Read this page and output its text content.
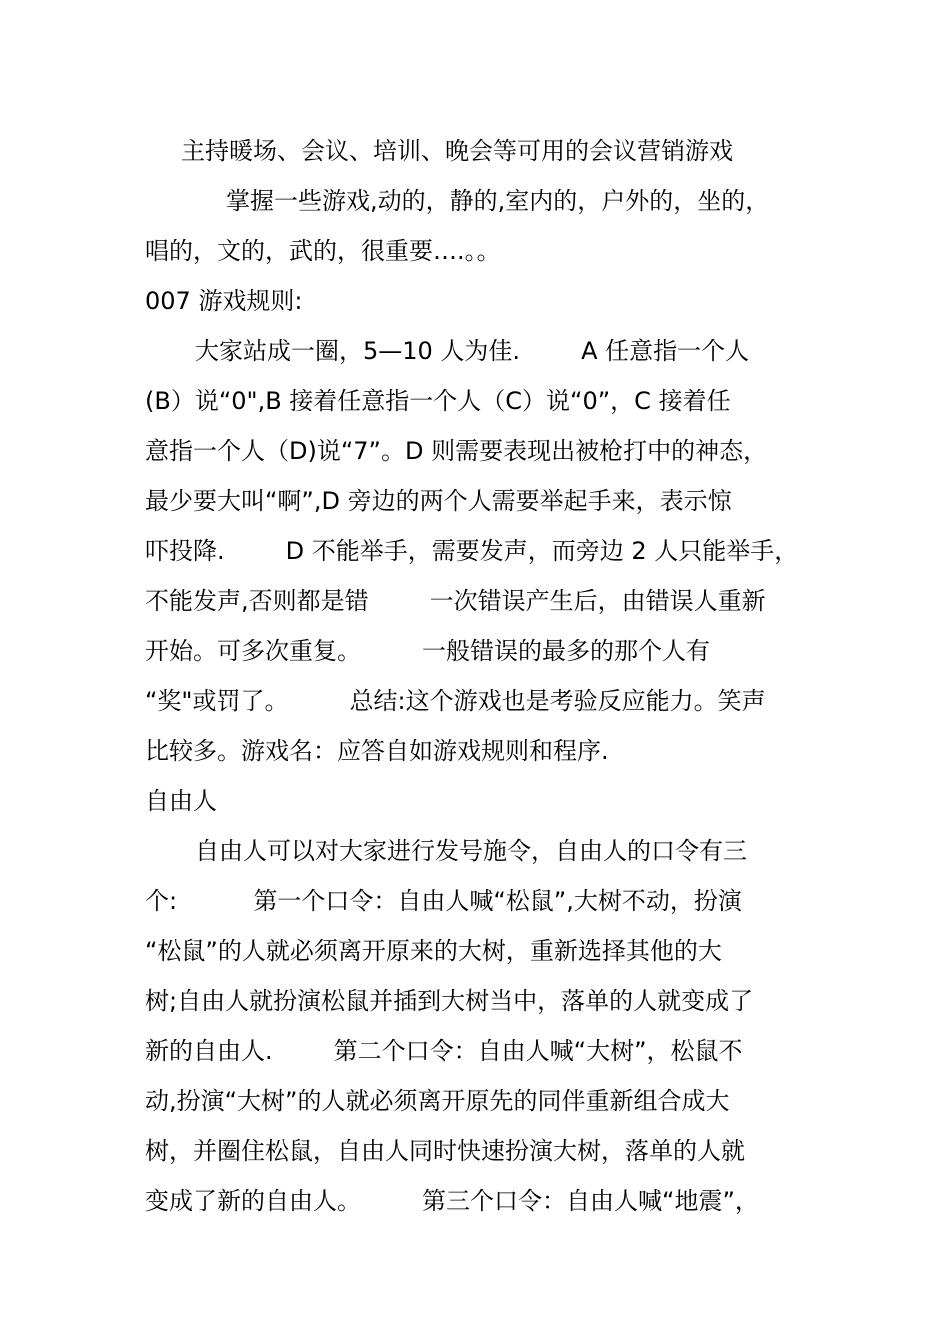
主持暖场、会议、培训、晚会等可用的会议营销游戏
掌握一些游戏,动的，静的,室内的，户外的，坐的，
唱的，文的，武的，很重要….。。
007 游戏规则:
大家站成一圈，5—10 人为佳.        A 任意指一个人
(B）说“0",B 接着任意指一个人（C）说“0”，C 接着任
意指一个人（D)说“7”。D 则需要表现出被枪打中的神态，
最少要大叫“啊”,D 旁边的两个人需要举起手来，表示惊
吓投降.        D 不能举手，需要发声，而旁边 2 人只能举手，
不能发声,否则都是错        一次错误产生后，由错误人重新
开始。可多次重复。        一般错误的最多的那个人有
“奖"或罚了。        总结:这个游戏也是考验反应能力。笑声
比较多。游戏名：应答自如游戏规则和程序.
自由人
自由人可以对大家进行发号施令，自由人的口令有三
个:          第一个口令：自由人喊“松鼠”,大树不动，扮演
“松鼠”的人就必须离开原来的大树，重新选择其他的大
树;自由人就扮演松鼠并插到大树当中，落单的人就变成了
新的自由人.        第二个口令：自由人喊“大树”，松鼠不
动,扮演“大树”的人就必须离开原先的同伴重新组合成大
树，并圈住松鼠，自由人同时快速扮演大树，落单的人就
变成了新的自由人。        第三个口令：自由人喊“地震”，
